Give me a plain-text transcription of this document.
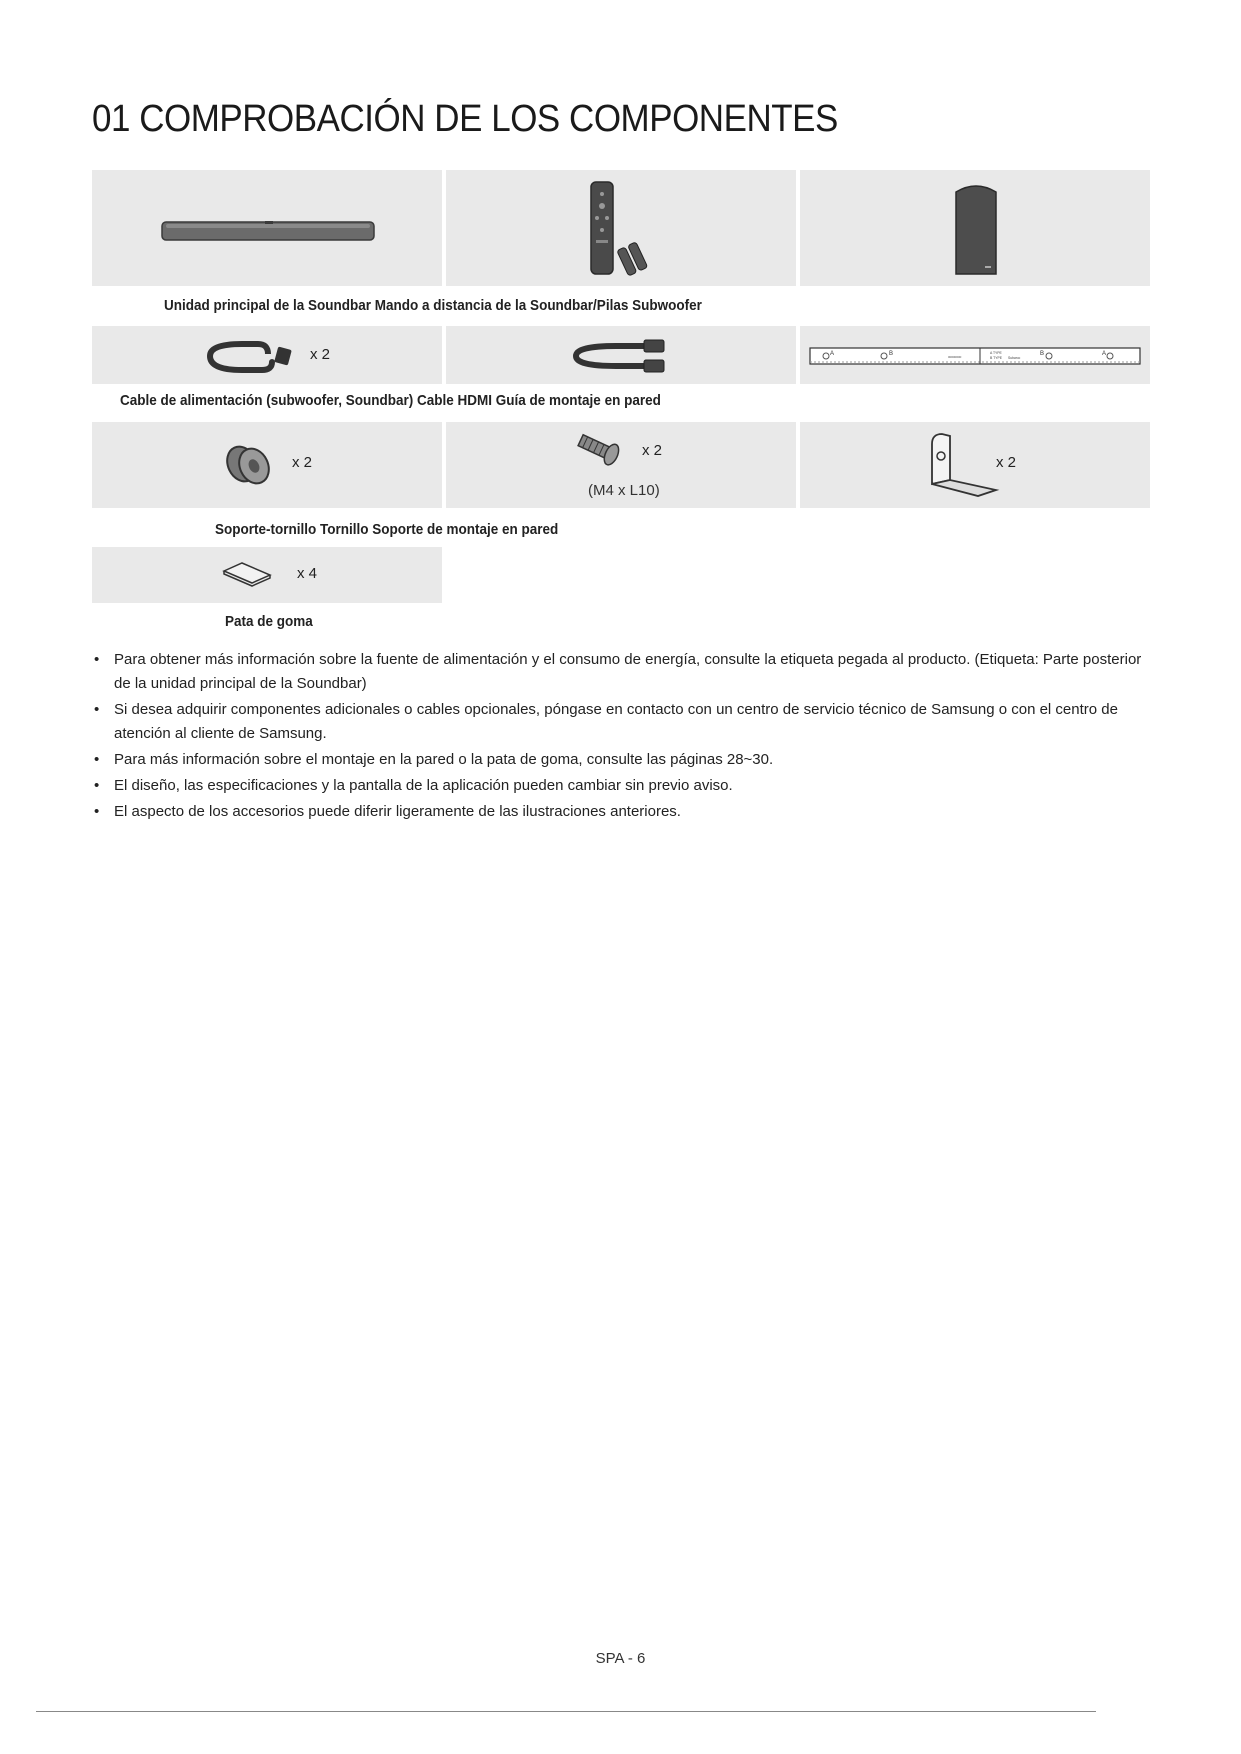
01 COMPROBACIÓN DE LOS COMPONENTES
Unidad principal de la Soundbar Mando a distancia de la Soundbar/Pilas Subwoofer
x 2	A	B	B	A
00000000
A TYPE
B TYPE Subwoo
Cable de alimentación (subwoofer, Soundbar) Cable HDMI Guía de montaje en pared
x 2
x 2
(M4 x L10)
x 2
Soporte-tornillo Tornillo Soporte de montaje en pared
x 4
Pata de goma
• Para obtener más información sobre la fuente de alimentación y el consumo de energía, consulte la etiqueta pegada al producto. (Etiqueta: Parte posterior de la unidad principal de la Soundbar)
• Si desea adquirir componentes adicionales o cables opcionales, póngase en contacto con un centro de servicio técnico de Samsung o con el centro de atención al cliente de Samsung.
• Para más información sobre el montaje en la pared o la pata de goma, consulte las páginas 28~30.
• El diseño, las especificaciones y la pantalla de la aplicación pueden cambiar sin previo aviso.
• El aspecto de los accesorios puede diferir ligeramente de las ilustraciones anteriores.
SPA - 6
